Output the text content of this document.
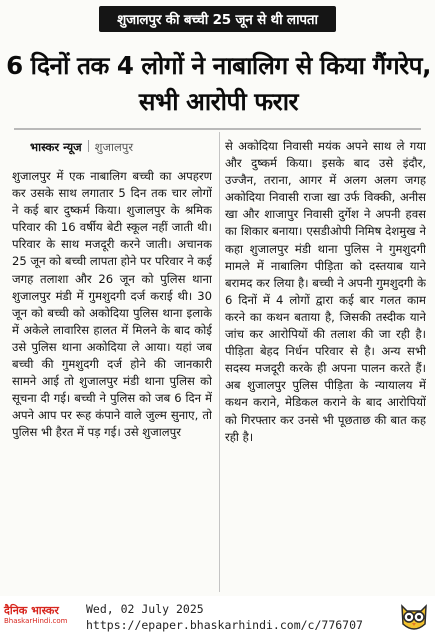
शुजालपुर की बच्ची 25 जून से थी लापता
6 दिनों तक 4 लोगों ने नाबालिग से किया गैंगरेप, सभी आरोपी फरार
भास्कर न्यूज शुजालपुर
शुजालपुर में एक नाबालिग बच्ची का अपहरण कर उसके साथ लगातार 5 दिन तक चार लोगों ने कई बार दुष्कर्म किया। शुजालपुर के श्रमिक परिवार की 16 वर्षीय बेटी स्कूल नहीं जाती थी। परिवार के साथ मजदूरी करने जाती। अचानक 25 जून को बच्ची लापता होने पर परिवार ने कई जगह तलाशा और 26 जून को पुलिस थाना शुजालपुर मंडी में गुमशुदगी दर्ज कराई थी। 30 जून को बच्ची को अकोदिया पुलिस थाना इलाके में अकेले लावारिस हालत में मिलने के बाद कोई उसे पुलिस थाना अकोदिया ले आया। यहां जब बच्ची की गुमशुदगी दर्ज होने की जानकारी सामने आई तो शुजालपुर मंडी थाना पुलिस को सूचना दी गई। बच्ची ने पुलिस को जब 6 दिन में अपने आप पर रूह कंपाने वाले जुल्म सुनाए, तो पुलिस भी हैरत में पड़ गई। उसे शुजालपुर
से अकोदिया निवासी मयंक अपने साथ ले गया और दुष्कर्म किया। इसके बाद उसे इंदौर, उज्जैन, तराना, आगर में अलग अलग जगह अकोदिया निवासी राजा खा उर्फ विक्की, अनीस खा और शाजापुर निवासी दुर्गेश ने अपनी हवस का शिकार बनाया। एसडीओपी निमिष देशमुख ने कहा शुजालपुर मंडी थाना पुलिस ने गुमशुदगी मामले में नाबालिग पीड़िता को दस्तयाब याने बरामद कर लिया है। बच्ची ने अपनी गुमशुदगी के 6 दिनों में 4 लोगों द्वारा कई बार गलत काम करने का कथन बताया है, जिसकी तस्दीक याने जांच कर आरोपियों की तलाश की जा रही है। पीड़िता बेहद निर्धन परिवार से है। अन्य सभी सदस्य मजदूरी करके ही अपना पालन करते हैं। अब शुजालपुर पुलिस पीड़िता के न्यायालय में कथन कराने, मेडिकल कराने के बाद आरोपियों को गिरफ्तार कर उनसे भी पूछताछ की बात कह रही है।
दैनिक भास्कर
BhaskarHindi.com
Wed, 02 July 2025
https://epaper.bhaskarhindi.com/c/776707
